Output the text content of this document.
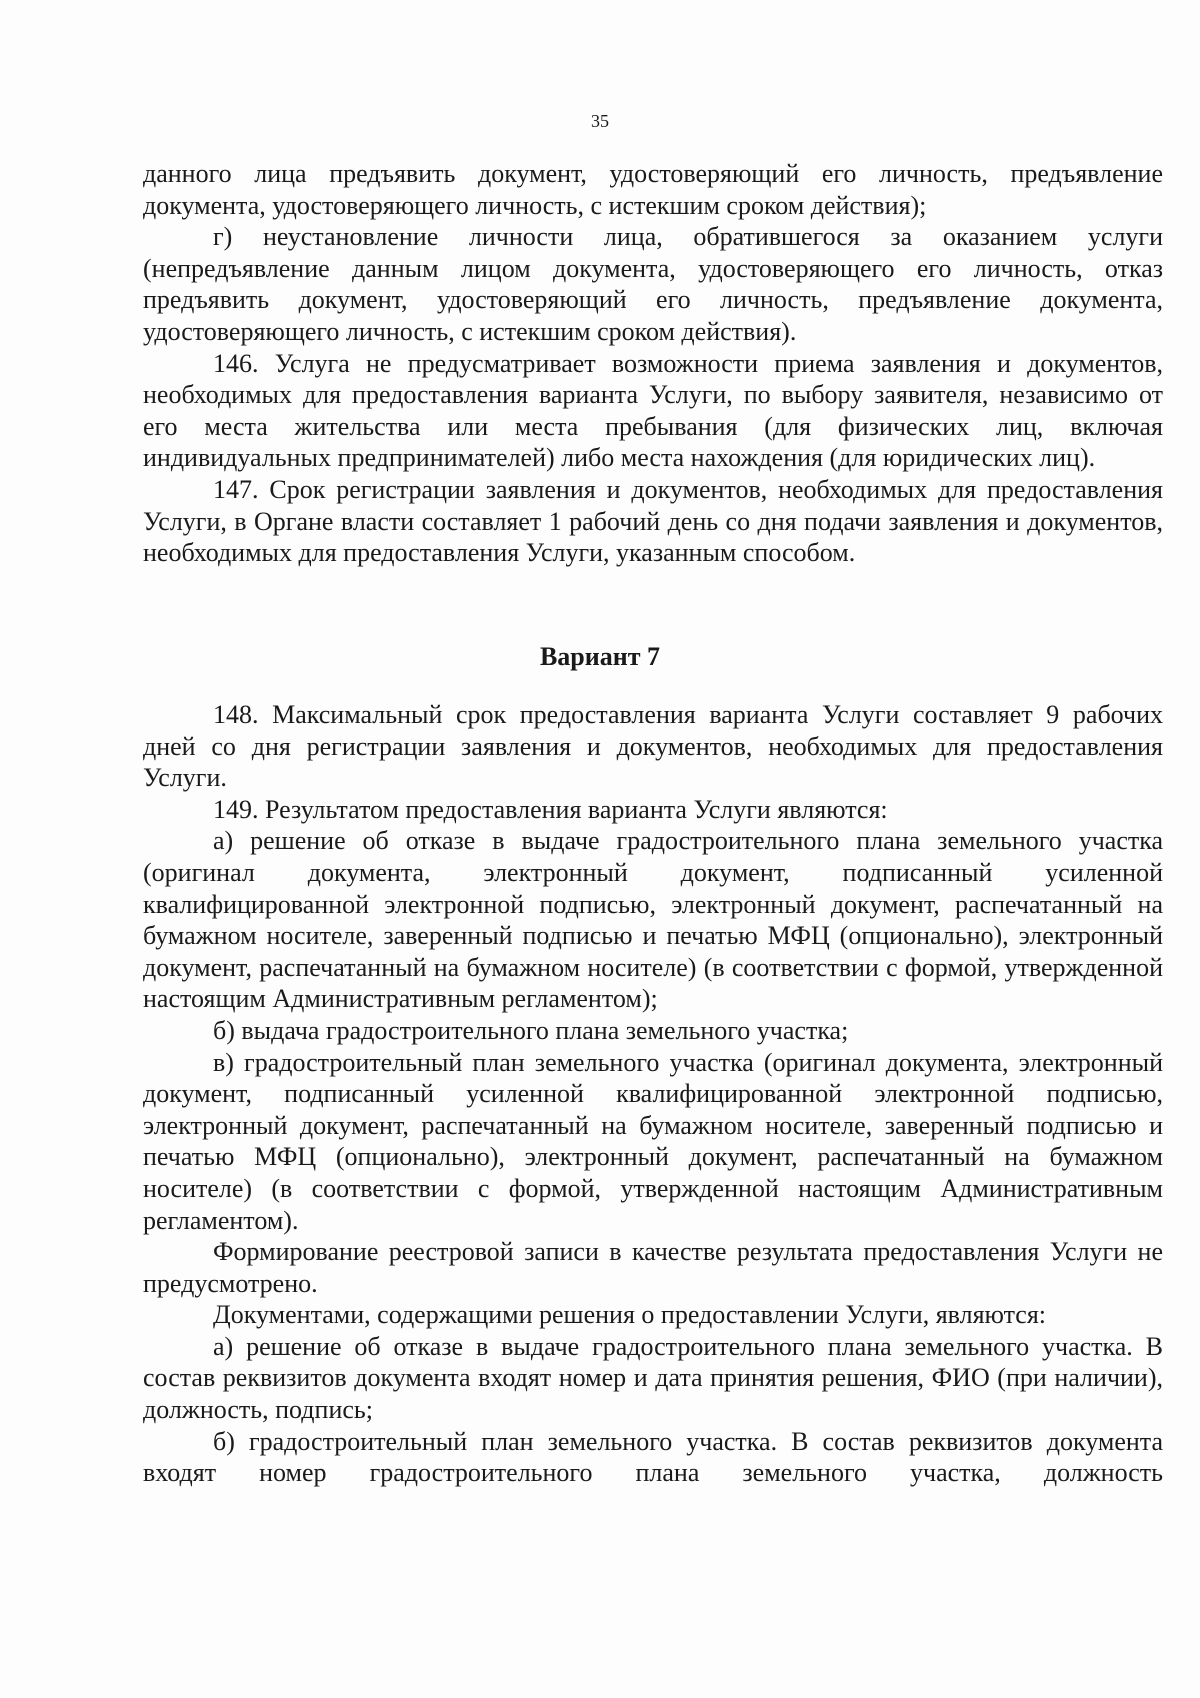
35

данного лица предъявить документ, удостоверяющий его личность, предъявление документа, удостоверяющего личность, с истекшим сроком действия);

г) неустановление личности лица, обратившегося за оказанием услуги (непредъявление данным лицом документа, удостоверяющего его личность, отказ предъявить документ, удостоверяющий его личность, предъявление документа, удостоверяющего личность, с истекшим сроком действия).

146. Услуга не предусматривает возможности приема заявления и документов, необходимых для предоставления варианта Услуги, по выбору заявителя, независимо от его места жительства или места пребывания (для физических лиц, включая индивидуальных предпринимателей) либо места нахождения (для юридических лиц).

147. Срок регистрации заявления и документов, необходимых для предоставления Услуги, в Органе власти составляет 1 рабочий день со дня подачи заявления и документов, необходимых для предоставления Услуги, указанным способом.

Вариант 7

148. Максимальный срок предоставления варианта Услуги составляет 9 рабочих дней со дня регистрации заявления и документов, необходимых для предоставления Услуги.

149. Результатом предоставления варианта Услуги являются:

а) решение об отказе в выдаче градостроительного плана земельного участка (оригинал документа, электронный документ, подписанный усиленной квалифицированной электронной подписью, электронный документ, распечатанный на бумажном носителе, заверенный подписью и печатью МФЦ (опционально), электронный документ, распечатанный на бумажном носителе) (в соответствии с формой, утвержденной настоящим Административным регламентом);

б) выдача градостроительного плана земельного участка;

в) градостроительный план земельного участка (оригинал документа, электронный документ, подписанный усиленной квалифицированной электронной подписью, электронный документ, распечатанный на бумажном носителе, заверенный подписью и печатью МФЦ (опционально), электронный документ, распечатанный на бумажном носителе) (в соответствии с формой, утвержденной настоящим Административным регламентом).

Формирование реестровой записи в качестве результата предоставления Услуги не предусмотрено.

Документами, содержащими решения о предоставлении Услуги, являются:

а) решение об отказе в выдаче градостроительного плана земельного участка. В состав реквизитов документа входят номер и дата принятия решения, ФИО (при наличии), должность, подпись;

б) градостроительный план земельного участка. В состав реквизитов документа входят номер градостроительного плана земельного участка, должность
